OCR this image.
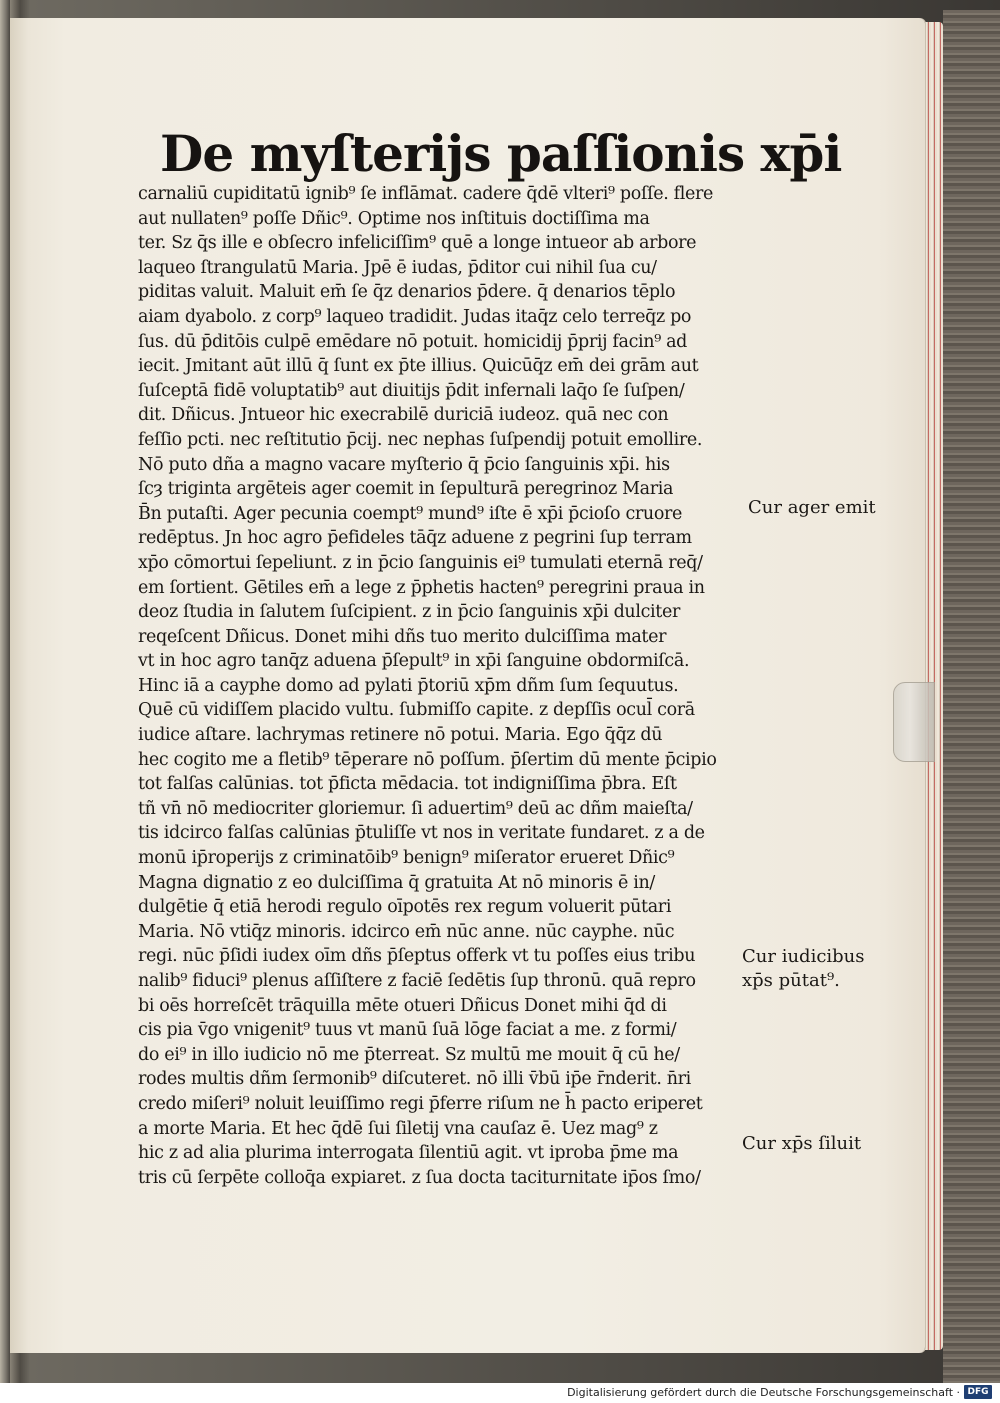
De myſterijs paſſionis xp̄i
carnaliū cupiditatū ignib⁹ ſe inflāmat. cadere q̄dē vlteri⁹ poſſe. flere
aut nullaten⁹ poſſe Dñic⁹. Optime nos inſtituis doctiſſima ma
ter. Sz q̄s ille e obſecro infeliciſſim⁹ quē a longe intueor ab arbore
laqueo ſtrangulatū Maria. Jpē ē iudas, p̄ditor cui nihil ſua cu/
piditas valuit. Maluit em̄ ſe q̄z denarios p̄dere. q̄ denarios tēplo
aiam dyabolo. z corp⁹ laqueo tradidit. Judas itaq̄z celo terreq̄z po
ſus. dū p̄ditōis culpē emēdare nō potuit. homicidij p̄prij facin⁹ ad
iecit. Jmitant aūt illū q̄ ſunt ex p̄te illius. Quicūq̄z em̄ dei grām aut
ſuſceptā fidē voluptatib⁹ aut diuitijs p̄dit infernali laq̄o ſe ſuſpen/
dit. Dñicus. Jntueor hic execrabilē duriciā iudeoz. quā nec con
feſſio pcti. nec reſtitutio p̄cij. nec nephas ſuſpendij potuit emollire.
Nō puto dña a magno vacare myſterio q̄ p̄cio ſanguinis xp̄i. his
ſcȝ triginta argēteis ager coemit in ſepulturā peregrinoz Maria
B̄n putaſti. Ager pecunia coempt⁹ mund⁹ iſte ē xp̄i p̄cioſo cruore
redēptus. Jn hoc agro p̄efideles tāq̄z aduene z pegrini ſup terram
xp̄o cōmortui ſepeliunt. z in p̄cio ſanguinis ei⁹ tumulati eternā req̄/
em ſortient. Gētiles em̄ a lege z p̄phetis hacten⁹ peregrini praua in
deoz ſtudia in ſalutem ſuſcipient. z in p̄cio ſanguinis xp̄i dulciter
reqeſcent Dñicus. Donet mihi dñs tuo merito dulciſſima mater
vt in hoc agro tanq̄z aduena p̄ſepult⁹ in xp̄i ſanguine obdormiſcā.
Hinc iā a cayphe domo ad pylati p̄toriū xp̄m dñm ſum ſequutus.
Quē cū vidiſſem placido vultu. ſubmiſſo capite. z depſſis ocul̄ corā
iudice aſtare. lachrymas retinere nō potui. Maria. Ego q̄q̄z dū
hec cogito me a fletib⁹ tēperare nō poſſum. p̄ſertim dū mente p̄cipio
tot falſas calūnias. tot p̄ficta mēdacia. tot indigniſſima p̄bra. Eſt
tñ vn̄ nō mediocriter gloriemur. ſi aduertim⁹ deū ac dñm maieſta/
tis idcirco falſas calūnias p̄tuliſſe vt nos in veritate fundaret. z a de
monū ip̄roperijs z criminatōib⁹ benign⁹ miſerator erueret Dñic⁹
Magna dignatio z eo dulciſſima q̄ gratuita At nō minoris ē in/
dulgētie q̄ etiā herodi regulo oīpotēs rex regum voluerit pūtari
Maria. Nō vtiq̄z minoris. idcirco em̄ nūc anne. nūc cayphe. nūc
regi. nūc p̄ſidi iudex oīm dñs p̄ſeptus offerk vt tu poſſes eius tribu
nalib⁹ fiduci⁹ plenus aſſiſtere z faciē ſedētis ſup thronū. quā repro
bi oēs horreſcēt trāquilla mēte otueri Dñicus Donet mihi q̄d di
cis pia v̄go vnigenit⁹ tuus vt manū ſuā lōge faciat a me. z formi/
do ei⁹ in illo iudicio nō me p̄terreat. Sz multū me mouit q̄ cū he/
rodes multis dñm ſermonib⁹ diſcuteret. nō illi v̄bū ip̄e r̄nderit. n̄ri
credo miſeri⁹ noluit leuiſſimo regi p̄ferre riſum ne h̄ pacto eriperet
a morte Maria. Et hec q̄dē ſui ſiletij vna cauſaz ē. Uez mag⁹ z
hic z ad alia plurima interrogata ſilentiū agit. vt iproba p̄me ma
tris cū ſerpēte colloq̄a expiaret. z ſua docta taciturnitate ip̄os ſmo/
Cur ager emit
Cur iudicibus
xp̄s pūtat⁹.
Cur xp̄s ſiluit
Digitalisierung gefördert durch die Deutsche Forschungsgemeinschaft · DFG
